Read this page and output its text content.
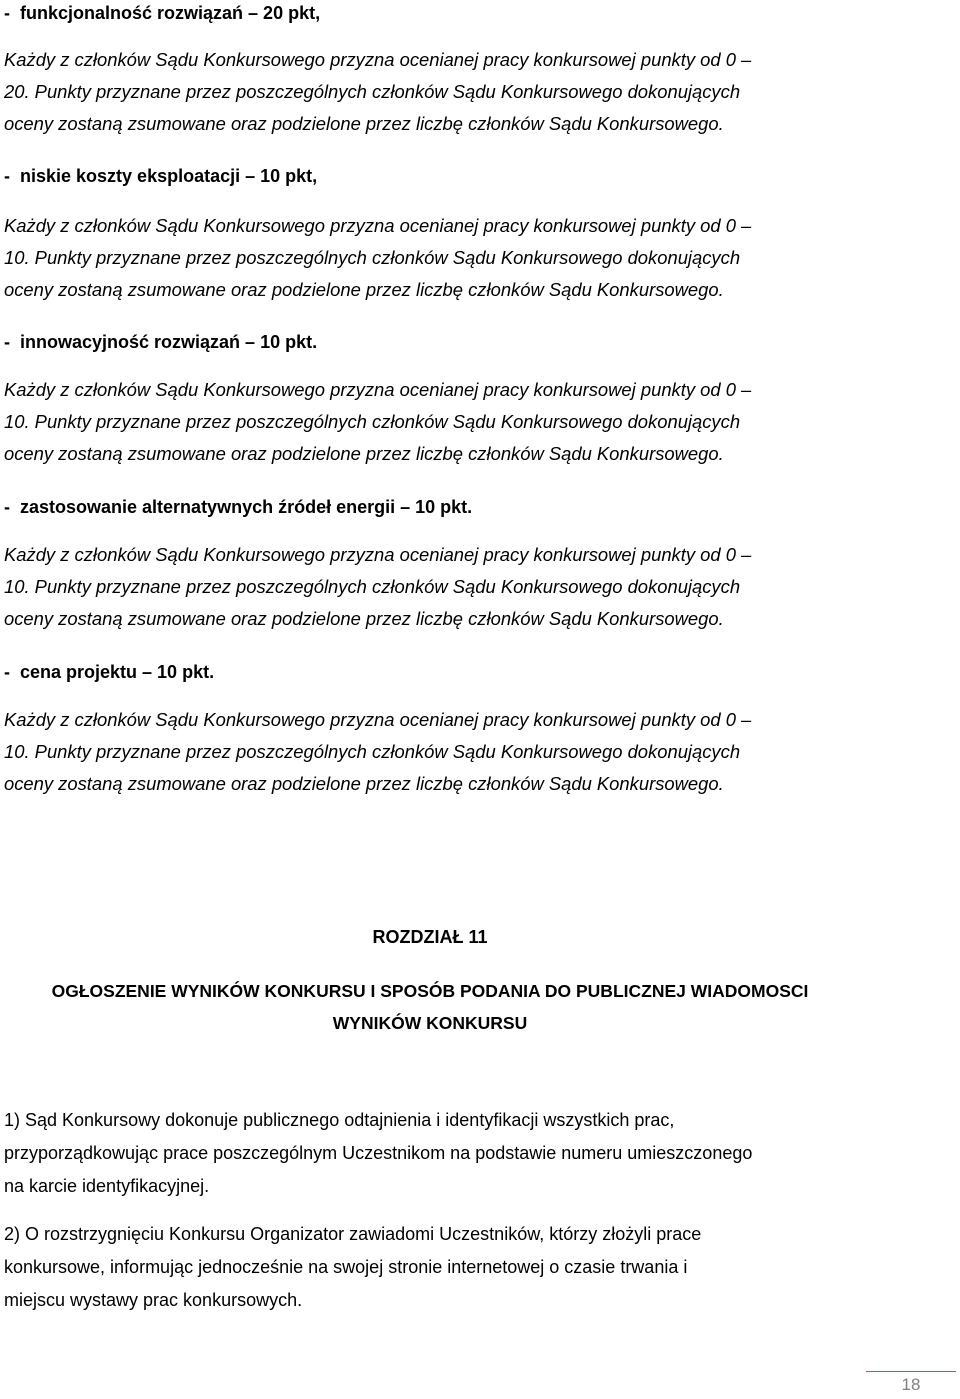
- funkcjonalność rozwiązań – 20 pkt,
Każdy z członków Sądu Konkursowego przyzna ocenianej pracy konkursowej punkty od 0 –
20. Punkty przyznane przez poszczególnych członków Sądu Konkursowego dokonujących
oceny zostaną zsumowane oraz podzielone przez liczbę członków Sądu Konkursowego.
- niskie koszty eksploatacji – 10 pkt,
Każdy z członków Sądu Konkursowego przyzna ocenianej pracy konkursowej punkty od 0 –
10. Punkty przyznane przez poszczególnych członków Sądu Konkursowego dokonujących
oceny zostaną zsumowane oraz podzielone przez liczbę członków Sądu Konkursowego.
- innowacyjność rozwiązań – 10 pkt.
Każdy z członków Sądu Konkursowego przyzna ocenianej pracy konkursowej punkty od 0 –
10. Punkty przyznane przez poszczególnych członków Sądu Konkursowego dokonujących
oceny zostaną zsumowane oraz podzielone przez liczbę członków Sądu Konkursowego.
- zastosowanie alternatywnych źródeł energii – 10 pkt.
Każdy z członków Sądu Konkursowego przyzna ocenianej pracy konkursowej punkty od 0 –
10. Punkty przyznane przez poszczególnych członków Sądu Konkursowego dokonujących
oceny zostaną zsumowane oraz podzielone przez liczbę członków Sądu Konkursowego.
- cena projektu – 10 pkt.
Każdy z członków Sądu Konkursowego przyzna ocenianej pracy konkursowej punkty od 0 –
10. Punkty przyznane przez poszczególnych członków Sądu Konkursowego dokonujących
oceny zostaną zsumowane oraz podzielone przez liczbę członków Sądu Konkursowego.
ROZDZIAŁ 11
OGŁOSZENIE WYNIKÓW KONKURSU I SPOSÓB PODANIA DO PUBLICZNEJ WIADOMOSCI
WYNIKÓW KONKURSU
1) Sąd Konkursowy dokonuje publicznego odtajnienia i identyfikacji wszystkich prac,
przyporządkowując prace poszczególnym Uczestnikom na podstawie numeru umieszczonego
na karcie identyfikacyjnej.
2) O rozstrzygnięciu Konkursu Organizator zawiadomi Uczestników, którzy złożyli prace
konkursowe, informując jednocześnie na swojej stronie internetowej o czasie trwania i
miejscu wystawy prac konkursowych.
18
